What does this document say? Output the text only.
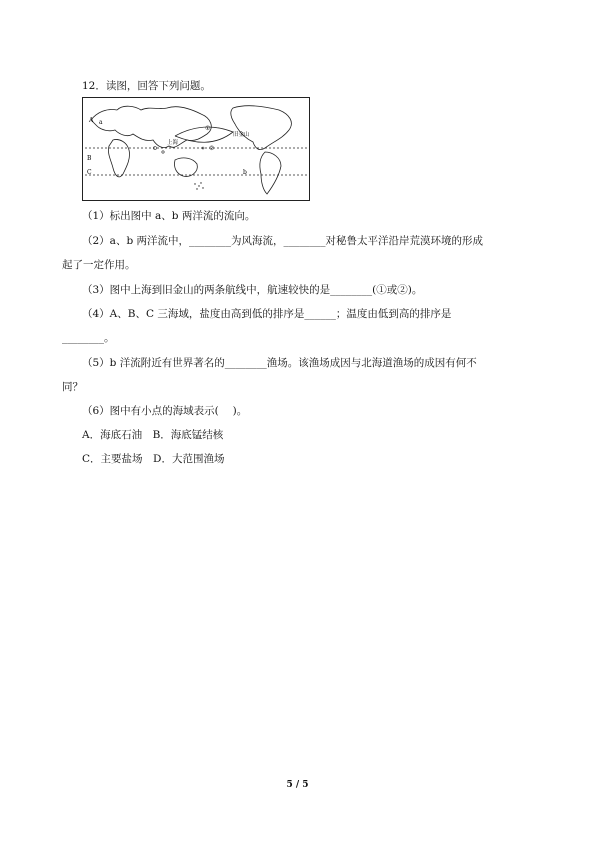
12．读图，回答下列问题。
A
B
C
a
b
上海
旧金山
①
②
（1）标出图中 a、b 两洋流的流向。
（2）a、b 两洋流中，________为风海流，________对秘鲁太平洋沿岸荒漠环境的形成
起了一定作用。
（3）图中上海到旧金山的两条航线中，航速较快的是________(①或②)。
（4）A、B、C 三海域，盐度由高到低的排序是______；温度由低到高的排序是
________。
（5）b 洋流附近有世界著名的________渔场。该渔场成因与北海道渔场的成因有何不
同？
（6）图中有小点的海域表示(　 )。
A．海底石油　B．海底锰结核
C．主要盐场　D．大范围渔场
5 / 5
